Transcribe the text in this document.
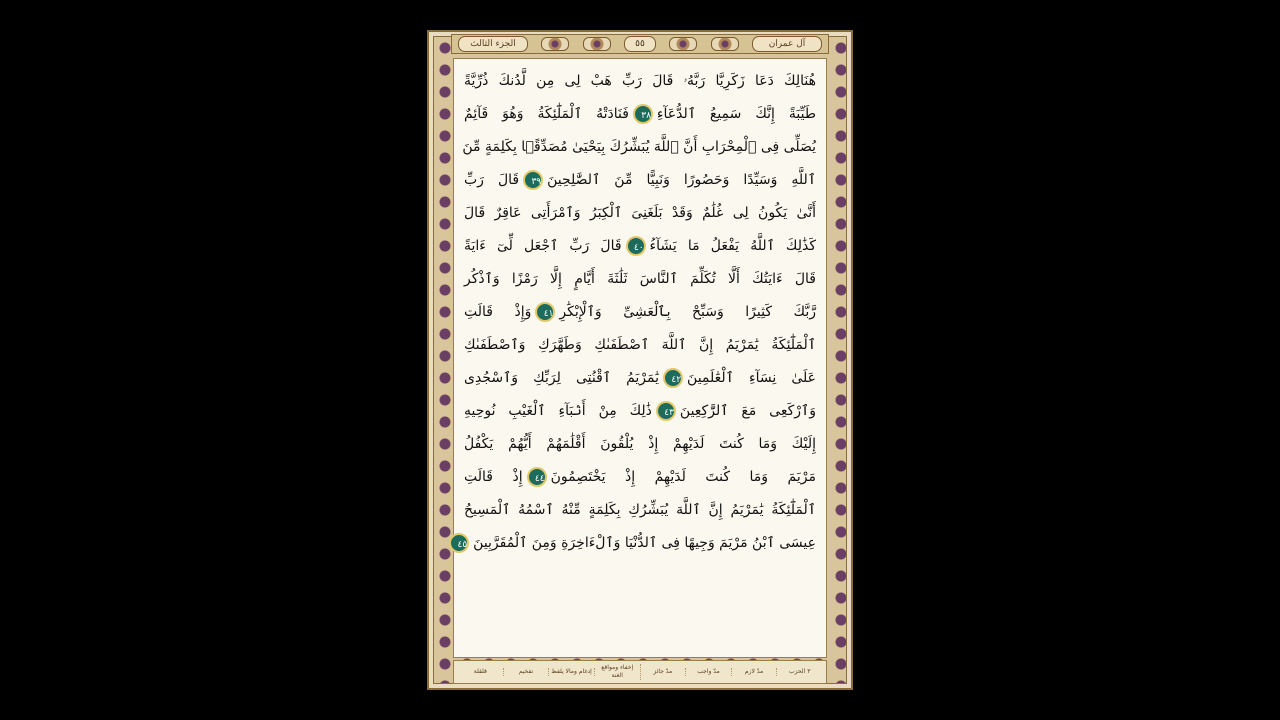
الجزء الثالث	٥٥	آل عمران
هُنَالِكَ دَعَا زَكَرِيَّا رَبَّهُۥ قَالَ رَبِّ هَبْ لِى مِن لَّدُنكَ ذُرِّيَّةً
طَيِّبَةً إِنَّكَ سَمِيعُ ٱلدُّعَآءِ٣٨فَنَادَتْهُ ٱلْمَلَٰٓئِكَةُ وَهُوَ قَآئِمٌ
يُصَلِّى فِى ٱلْمِحْرَابِ أَنَّ ٱللَّهَ يُبَشِّرُكَ بِيَحْيَىٰ مُصَدِّقًۢا بِكَلِمَةٍ مِّنَ
ٱللَّهِ وَسَيِّدًا وَحَصُورًا وَنَبِيًّا مِّنَ ٱلصَّٰلِحِينَ٣٩قَالَ رَبِّ
أَنَّىٰ يَكُونُ لِى غُلَٰمٌ وَقَدْ بَلَغَنِىَ ٱلْكِبَرُ وَٱمْرَأَتِى عَاقِرٌ قَالَ
كَذَٰلِكَ ٱللَّهُ يَفْعَلُ مَا يَشَآءُ٤٠قَالَ رَبِّ ٱجْعَل لِّىٓ ءَايَةً
قَالَ ءَايَتُكَ أَلَّا تُكَلِّمَ ٱلنَّاسَ ثَلَٰثَةَ أَيَّامٍ إِلَّا رَمْزًا وَٱذْكُر
رَّبَّكَ كَثِيرًا وَسَبِّحْ بِٱلْعَشِىِّ وَٱلْإِبْكَٰرِ٤١وَإِذْ قَالَتِ
ٱلْمَلَٰٓئِكَةُ يَٰمَرْيَمُ إِنَّ ٱللَّهَ ٱصْطَفَىٰكِ وَطَهَّرَكِ وَٱصْطَفَىٰكِ
عَلَىٰ نِسَآءِ ٱلْعَٰلَمِينَ٤٢يَٰمَرْيَمُ ٱقْنُتِى لِرَبِّكِ وَٱسْجُدِى
وَٱرْكَعِى مَعَ ٱلرَّٰكِعِينَ٤٣ذَٰلِكَ مِنْ أَنۢبَآءِ ٱلْغَيْبِ نُوحِيهِ
إِلَيْكَ وَمَا كُنتَ لَدَيْهِمْ إِذْ يُلْقُونَ أَقْلَٰمَهُمْ أَيُّهُمْ يَكْفُلُ
مَرْيَمَ وَمَا كُنتَ لَدَيْهِمْ إِذْ يَخْتَصِمُونَ٤٤إِذْ قَالَتِ
ٱلْمَلَٰٓئِكَةُ يَٰمَرْيَمُ إِنَّ ٱللَّهَ يُبَشِّرُكِ بِكَلِمَةٍ مِّنْهُ ٱسْمُهُ ٱلْمَسِيحُ
عِيسَى ٱبْنُ مَرْيَمَ وَجِيهًا فِى ٱلدُّنْيَا وَٱلْءَاخِرَةِ وَمِنَ ٱلْمُقَرَّبِينَ٤٥
٣ الحزب
مدّ لازم
مدّ واجب
مدّ جائز
إخفاء ومواقع الغنة
إدغام ومالا يلفظ
تفخيم
قلقلة
